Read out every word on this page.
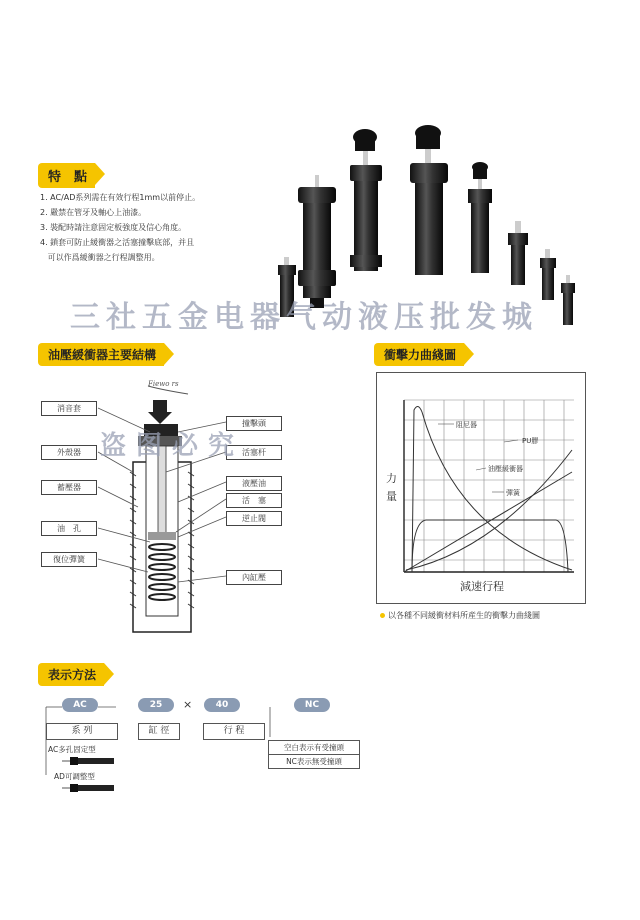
特　點
1. AC/AD系列需在有效行程1mm以前停止。
2. 嚴禁在管牙及軸心上油漆。
3. 裝配時請注意固定板強度及信心角度。
4. 鎖套可防止緩衝器之活塞撞擊底部，并且
可以作爲緩衝器之行程調整用。
三社五金电器气动液压批发城
油壓緩衝器主要結構
Fiewo rs
消音套
外殼器
蓄壓器
油　孔
復位彈簧
撞擊頭
活塞杆
液壓油
活　塞
逆止閥
內缸壓
盗图必究
衝擊力曲綫圖
阻尼器
PU膠
油壓緩衝器
彈簧
力
量
減速行程
以各種不同緩衝材料所産生的衝擊力曲綫圖
表示方法
AC	25	×	40	NC
系 列	缸 徑	行 程
空白表示有受撞頭
NC表示無受撞頭
AC多孔固定型
AD可調整型
